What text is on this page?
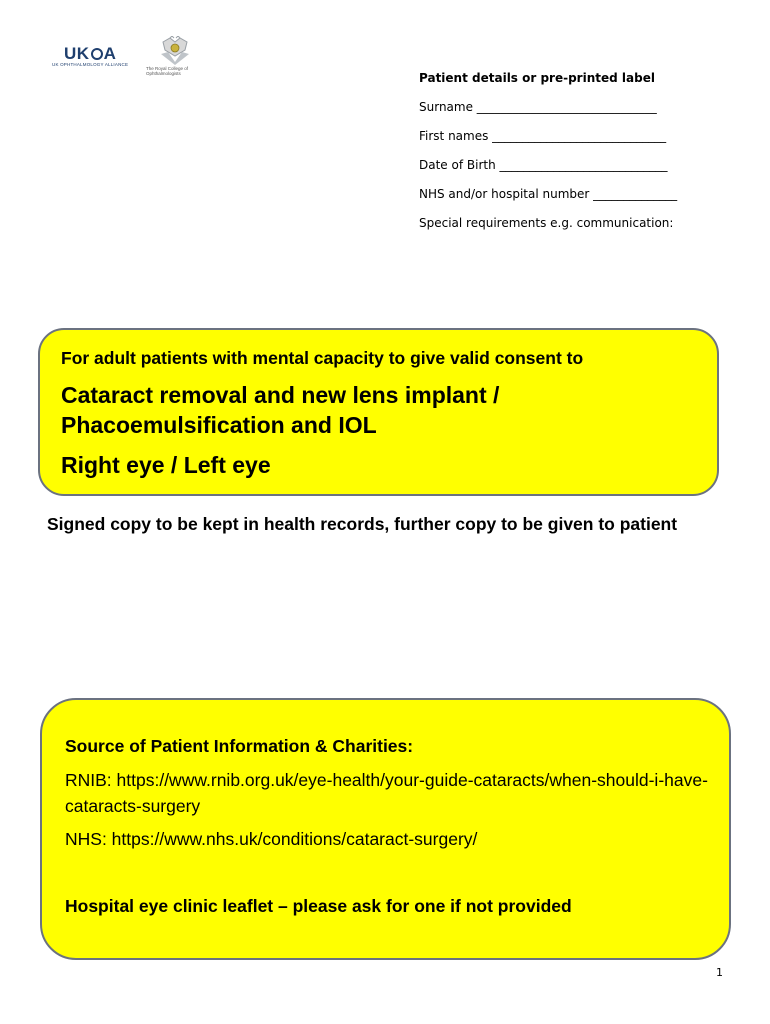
UK A
UK OPHTHALMOLOGY ALLIANCE
The Royal College of
Ophthalmologists	Patient details or pre-printed label
Surname ______________________________
First names _____________________________
Date of Birth ____________________________
NHS and/or hospital number ______________
Special requirements e.g. communication:
For adult patients with mental capacity to give valid consent to
Cataract removal and new lens implant /
Phacoemulsification and IOL
Right eye / Left eye
Signed copy to be kept in health records, further copy to be given to patient
Source of Patient Information & Charities:
RNIB: https://www.rnib.org.uk/eye-health/your-guide-cataracts/when-should-i-have-cataracts-surgery
NHS: https://www.nhs.uk/conditions/cataract-surgery/
Hospital eye clinic leaflet – please ask for one if not provided
1
